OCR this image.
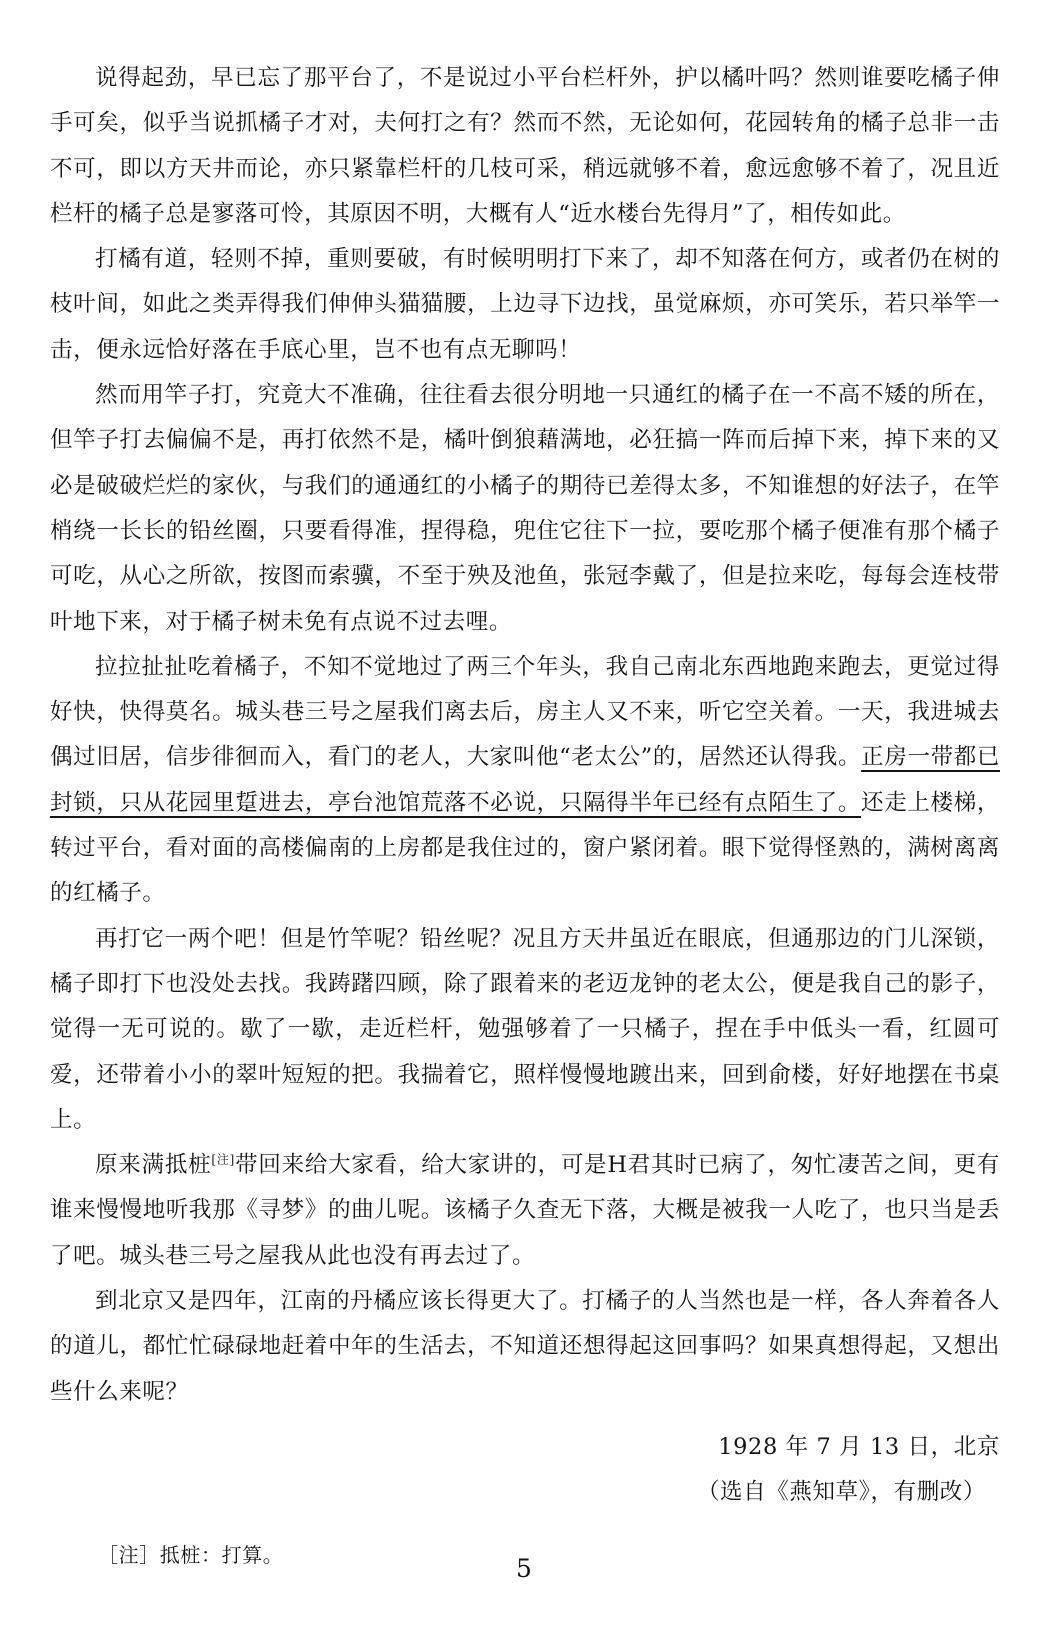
说得起劲，早已忘了那平台了，不是说过小平台栏杆外，护以橘叶吗？然则谁要吃橘子伸手可矣，似乎当说抓橘子才对，夫何打之有？然而不然，无论如何，花园转角的橘子总非一击不可，即以方天井而论，亦只紧靠栏杆的几枝可采，稍远就够不着，愈远愈够不着了，况且近栏杆的橘子总是寥落可怜，其原因不明，大概有人“近水楼台先得月”了，相传如此。

打橘有道，轻则不掉，重则要破，有时候明明打下来了，却不知落在何方，或者仍在树的枝叶间，如此之类弄得我们伸伸头猫猫腰，上边寻下边找，虽觉麻烦，亦可笑乐，若只举竿一击，便永远恰好落在手底心里，岂不也有点无聊吗！

然而用竿子打，究竟大不准确，往往看去很分明地一只通红的橘子在一不高不矮的所在，但竿子打去偏偏不是，再打依然不是，橘叶倒狼藉满地，必狂搞一阵而后掉下来，掉下来的又必是破破烂烂的家伙，与我们的通通红的小橘子的期待已差得太多，不知谁想的好法子，在竿梢绕一长长的铅丝圈，只要看得准，捏得稳，兜住它往下一拉，要吃那个橘子便准有那个橘子可吃，从心之所欲，按图而索骥，不至于殃及池鱼，张冠李戴了，但是拉来吃，每每会连枝带叶地下来，对于橘子树未免有点说不过去哩。

拉拉扯扯吃着橘子，不知不觉地过了两三个年头，我自己南北东西地跑来跑去，更觉过得好快，快得莫名。城头巷三号之屋我们离去后，房主人又不来，听它空关着。一天，我进城去偶过旧居，信步徘徊而入，看门的老人，大家叫他“老太公”的，居然还认得我。正房一带都已封锁，只从花园里踅进去，亭台池馆荒落不必说，只隔得半年已经有点陌生了。还走上楼梯，转过平台，看对面的高楼偏南的上房都是我住过的，窗户紧闭着。眼下觉得怪熟的，满树离离的红橘子。

再打它一两个吧！但是竹竿呢？铅丝呢？况且方天井虽近在眼底，但通那边的门儿深锁，橘子即打下也没处去找。我踌躇四顾，除了跟着来的老迈龙钟的老太公，便是我自己的影子，觉得一无可说的。歇了一歇，走近栏杆，勉强够着了一只橘子，捏在手中低头一看，红圆可爱，还带着小小的翠叶短短的把。我揣着它，照样慢慢地踱出来，回到俞楼，好好地摆在书桌上。

原来满抵桩[注]带回来给大家看，给大家讲的，可是H君其时已病了，匆忙凄苦之间，更有谁来慢慢地听我那《寻梦》的曲儿呢。该橘子久查无下落，大概是被我一人吃了，也只当是丢了吧。城头巷三号之屋我从此也没有再去过了。

到北京又是四年，江南的丹橘应该长得更大了。打橘子的人当然也是一样，各人奔着各人的道儿，都忙忙碌碌地赶着中年的生活去，不知道还想得起这回事吗？如果真想得起，又想出些什么来呢？

1928 年 7 月 13 日，北京

（选自《燕知草》，有删改）

［注］抵桩：打算。	5
